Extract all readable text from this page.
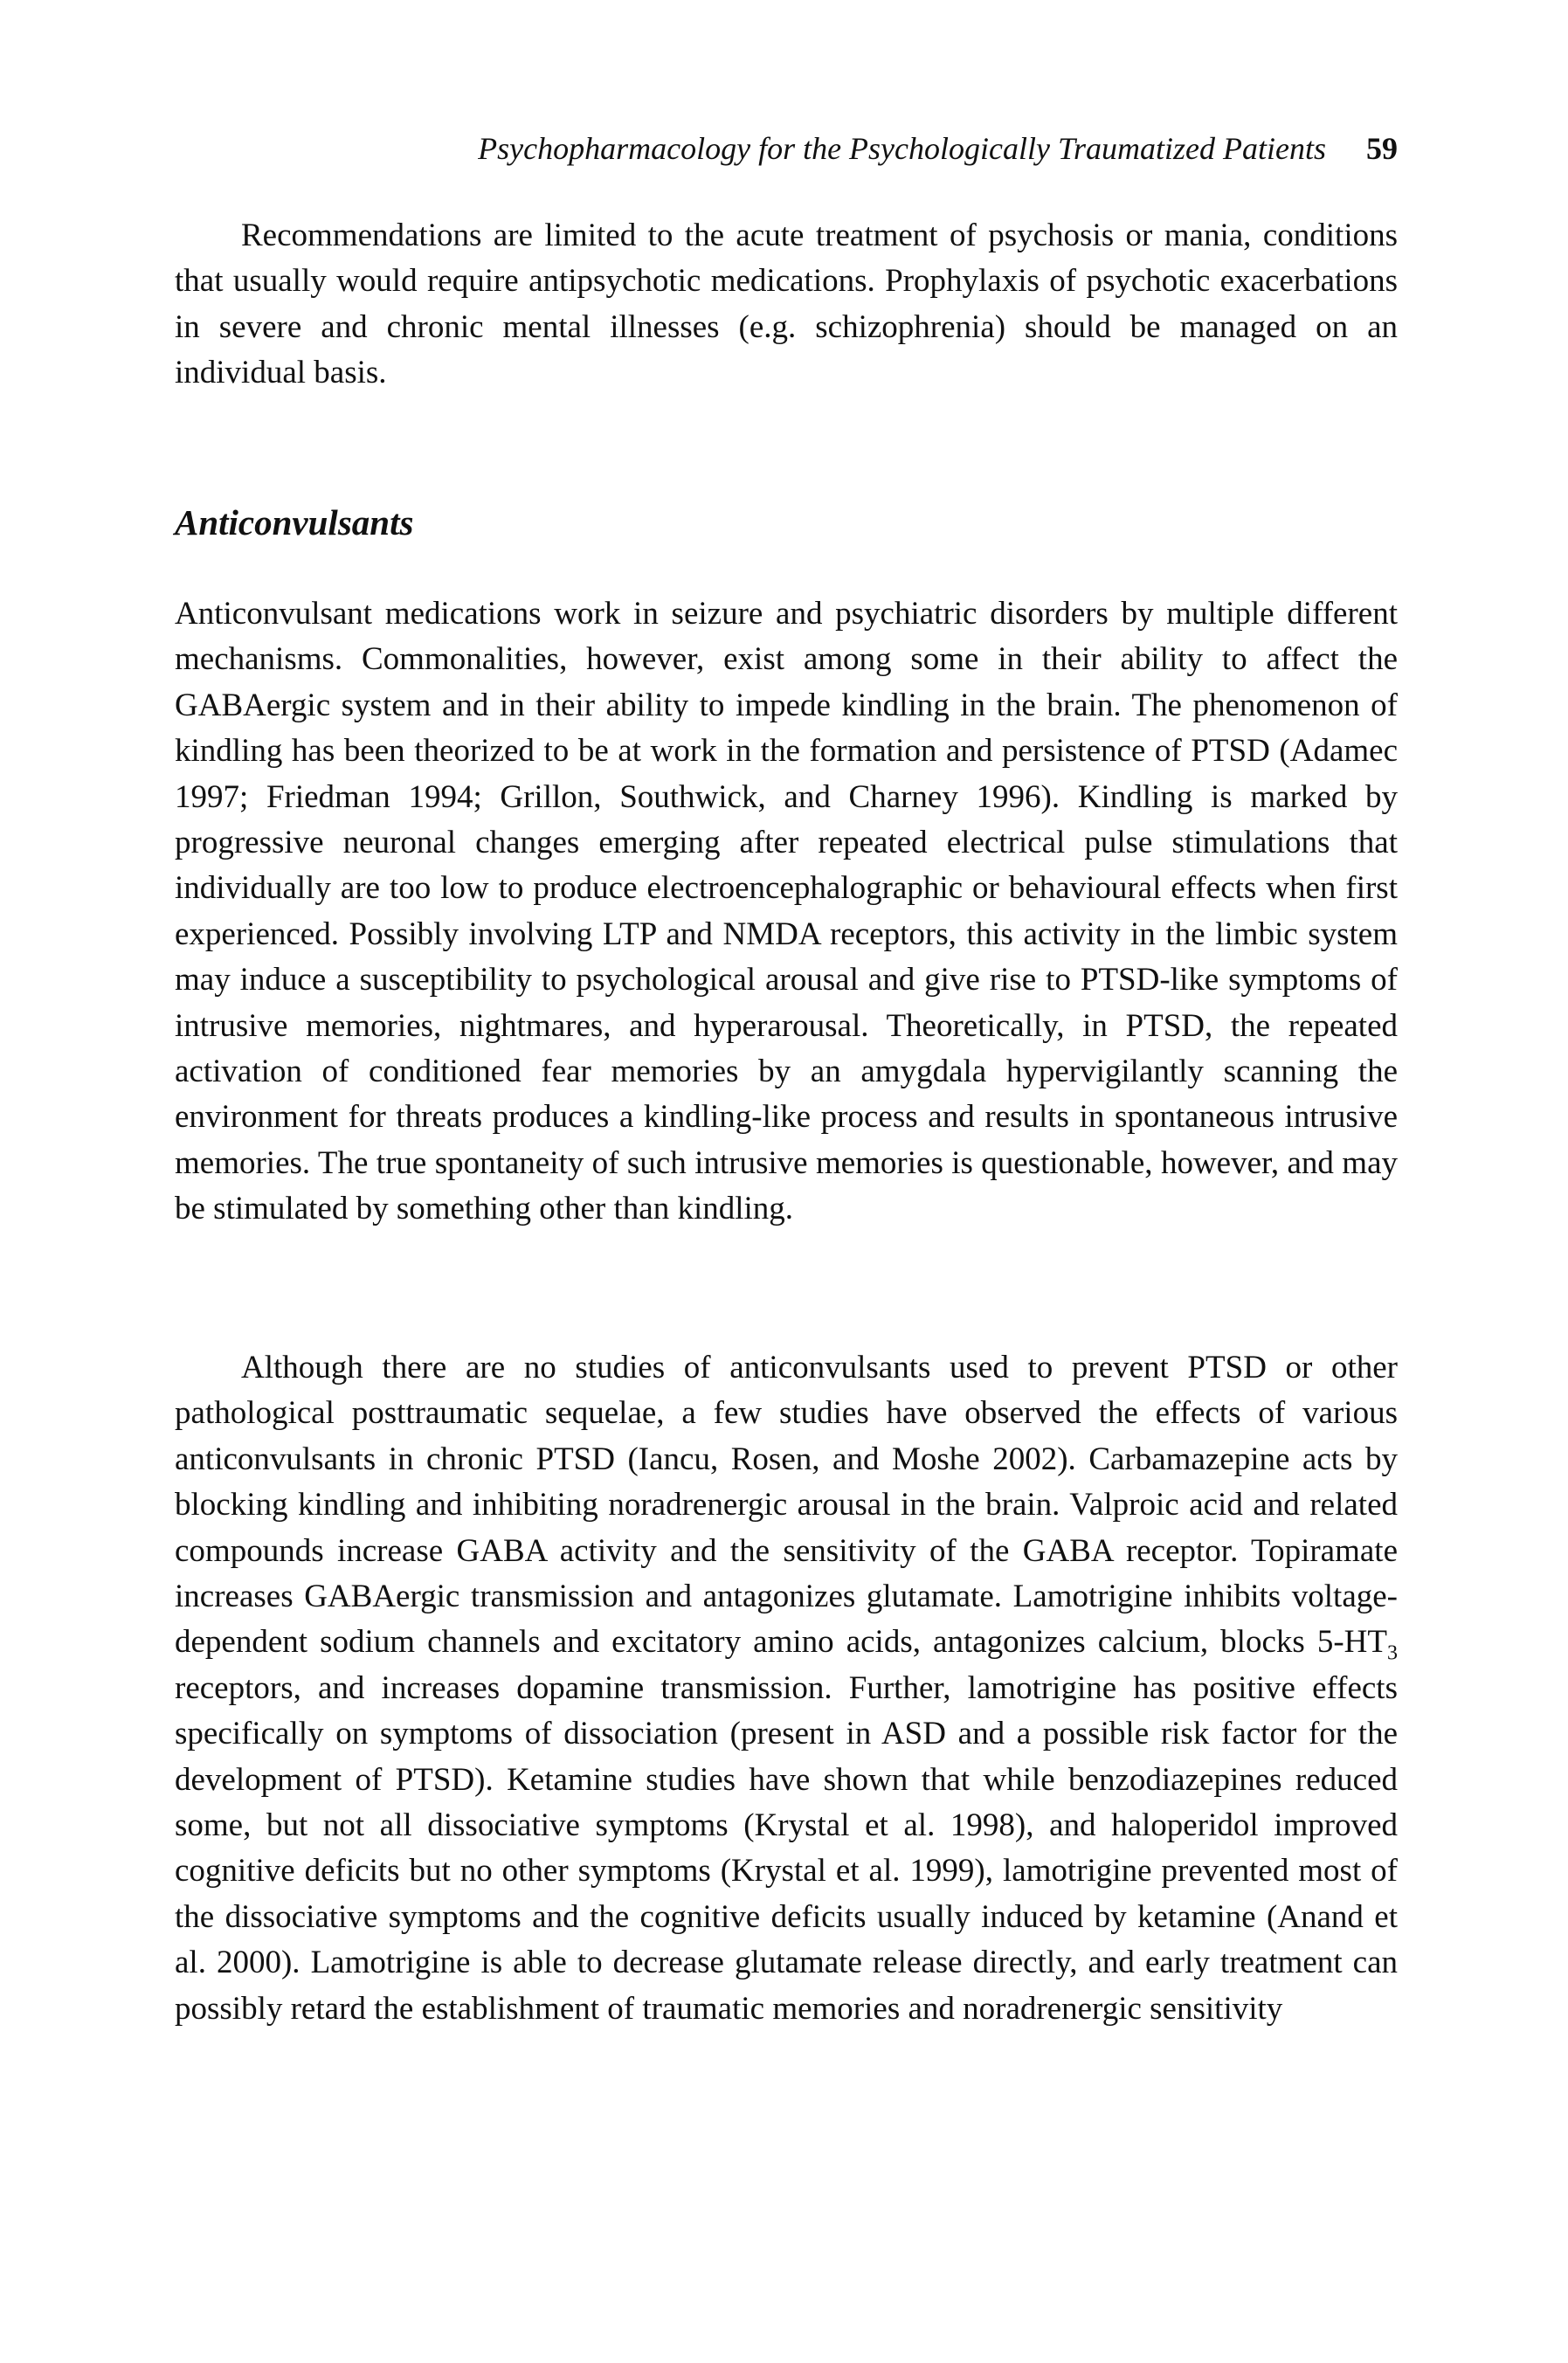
Psychopharmacology for the Psychologically Traumatized Patients 59

Recommendations are limited to the acute treatment of psychosis or mania, conditions that usually would require antipsychotic medications. Prophylaxis of psychotic exacerbations in severe and chronic mental illnesses (e.g. schizophrenia) should be managed on an individual basis.

Anticonvulsants

Anticonvulsant medications work in seizure and psychiatric disorders by multiple different mechanisms. Commonalities, however, exist among some in their ability to affect the GABAergic system and in their ability to impede kindling in the brain. The phenomenon of kindling has been theorized to be at work in the formation and persistence of PTSD (Adamec 1997; Friedman 1994; Grillon, Southwick, and Charney 1996). Kindling is marked by progressive neuronal changes emerging after repeated electrical pulse stimulations that individually are too low to produce electroencephalographic or behavioural effects when first experienced. Possibly involving LTP and NMDA receptors, this activity in the limbic system may induce a susceptibility to psychological arousal and give rise to PTSD-like symptoms of intrusive memories, nightmares, and hyperarousal. Theoretically, in PTSD, the repeated activation of conditioned fear memories by an amygdala hypervigilantly scanning the environment for threats produces a kindling-like process and results in spontaneous intrusive memories. The true spontaneity of such intrusive memories is questionable, however, and may be stimulated by something other than kindling.

Although there are no studies of anticonvulsants used to prevent PTSD or other pathological posttraumatic sequelae, a few studies have observed the effects of various anticonvulsants in chronic PTSD (Iancu, Rosen, and Moshe 2002). Carbamazepine acts by blocking kindling and inhibiting noradrenergic arousal in the brain. Valproic acid and related compounds increase GABA activity and the sensitivity of the GABA receptor. Topiramate increases GABAergic transmission and antagonizes glutamate. Lamotrigine inhibits voltage-dependent sodium channels and excitatory amino acids, antagonizes calcium, blocks $5-HT_3$ receptors, and increases dopamine transmission. Further, lamotrigine has positive effects specifically on symptoms of dissociation (present in ASD and a possible risk factor for the development of PTSD). Ketamine studies have shown that while benzodiazepines reduced some, but not all dissociative symptoms (Krystal et al. 1998), and haloperidol improved cognitive deficits but no other symptoms (Krystal et al. 1999), lamotrigine prevented most of the dissociative symptoms and the cognitive deficits usually induced by ketamine (Anand et al. 2000). Lamotrigine is able to decrease glutamate release directly, and early treatment can possibly retard the establishment of traumatic memories and noradrenergic sensitivity
